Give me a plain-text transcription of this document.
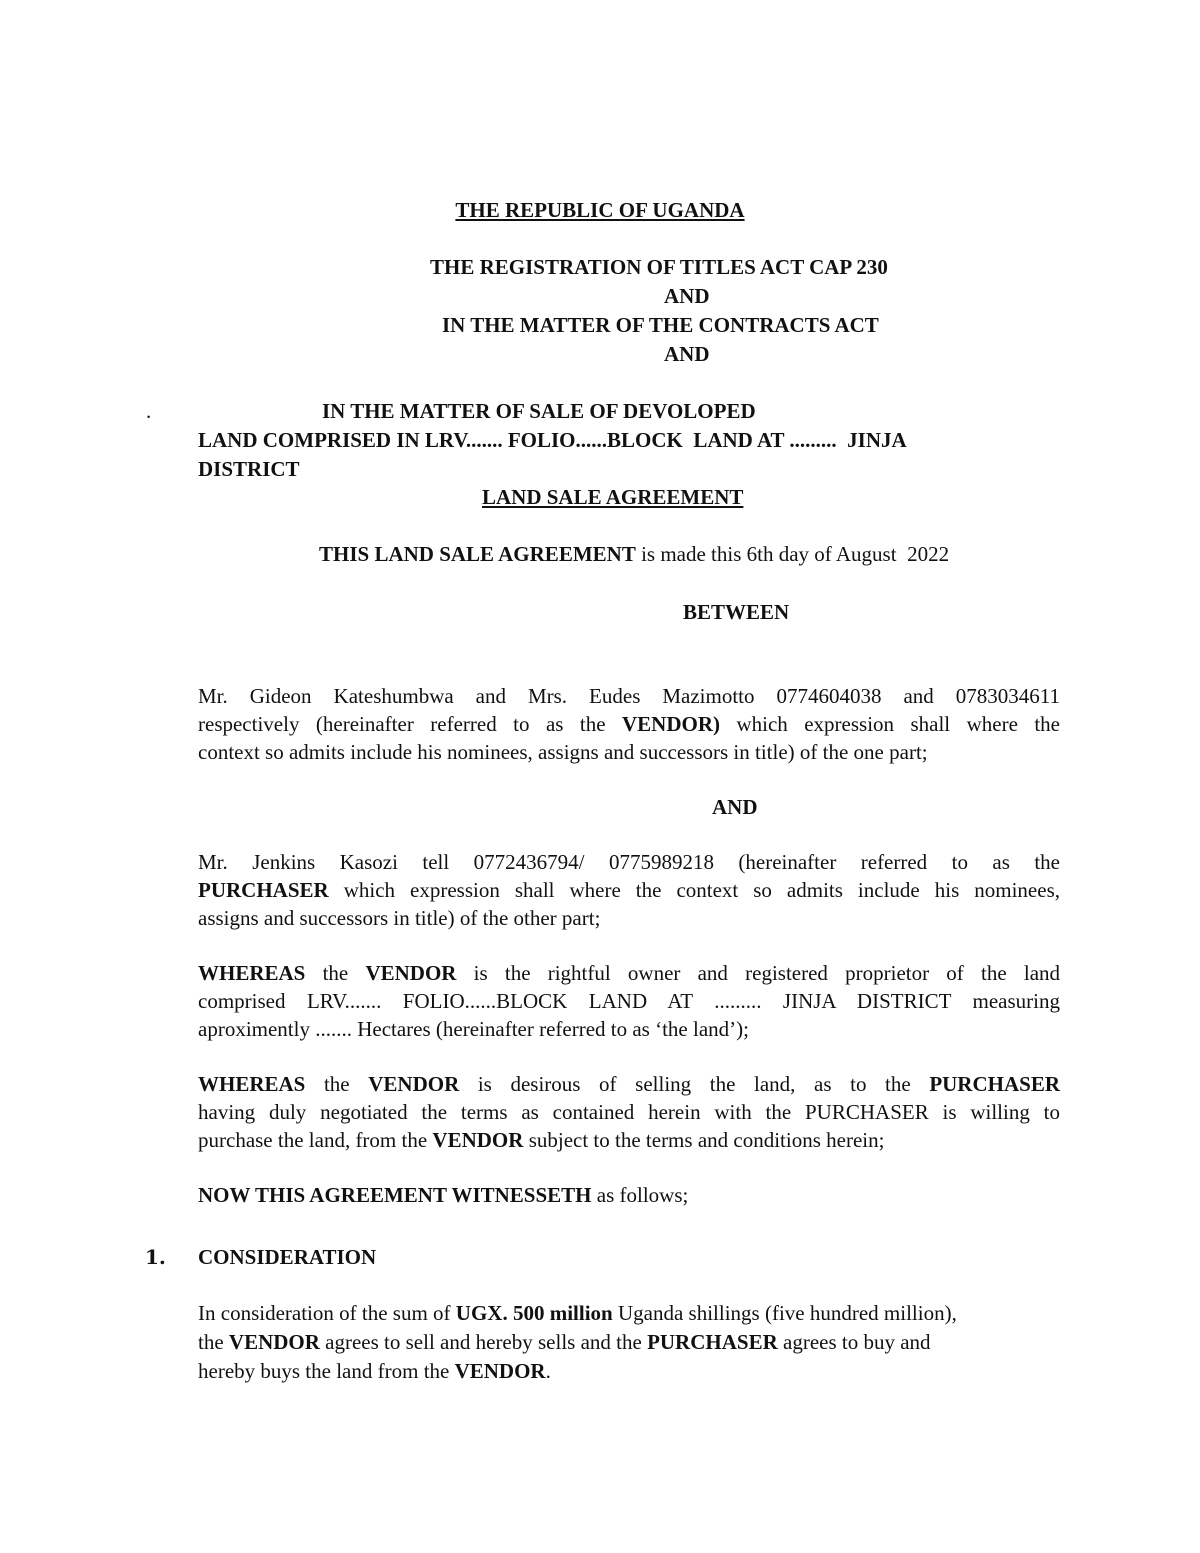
THE REPUBLIC OF UGANDA
THE REGISTRATION OF TITLES ACT CAP 230
AND
IN THE MATTER OF THE CONTRACTS ACT
AND
.	IN THE MATTER OF SALE OF DEVOLOPED
LAND COMPRISED IN LRV....... FOLIO......BLOCK  LAND AT .........  JINJA
DISTRICT
LAND SALE AGREEMENT
THIS LAND SALE AGREEMENT is made this 6th day of August  2022
BETWEEN
Mr. Gideon Kateshumbwa and Mrs. Eudes Mazimotto 0774604038 and 0783034611
respectively (hereinafter referred to as the VENDOR) which expression shall where the
context so admits include his nominees, assigns and successors in title) of the one part;
AND
Mr. Jenkins Kasozi tell 0772436794/ 0775989218 (hereinafter referred to as the
PURCHASER which expression shall where the context so admits include his nominees,
assigns and successors in title) of the other part;
WHEREAS the VENDOR is the rightful owner and registered proprietor of the land
comprised LRV....... FOLIO......BLOCK LAND AT ......... JINJA DISTRICT measuring
aproximently ....... Hectares (hereinafter referred to as ‘the land’);
WHEREAS the VENDOR is desirous of selling the land, as to the PURCHASER
having duly negotiated the terms as contained herein with the PURCHASER is willing to
purchase the land, from the VENDOR subject to the terms and conditions herein;
NOW THIS AGREEMENT WITNESSETH as follows;
1. CONSIDERATION
In consideration of the sum of UGX. 500 million Uganda shillings (five hundred million),
the VENDOR agrees to sell and hereby sells and the PURCHASER agrees to buy and
hereby buys the land from the VENDOR.
